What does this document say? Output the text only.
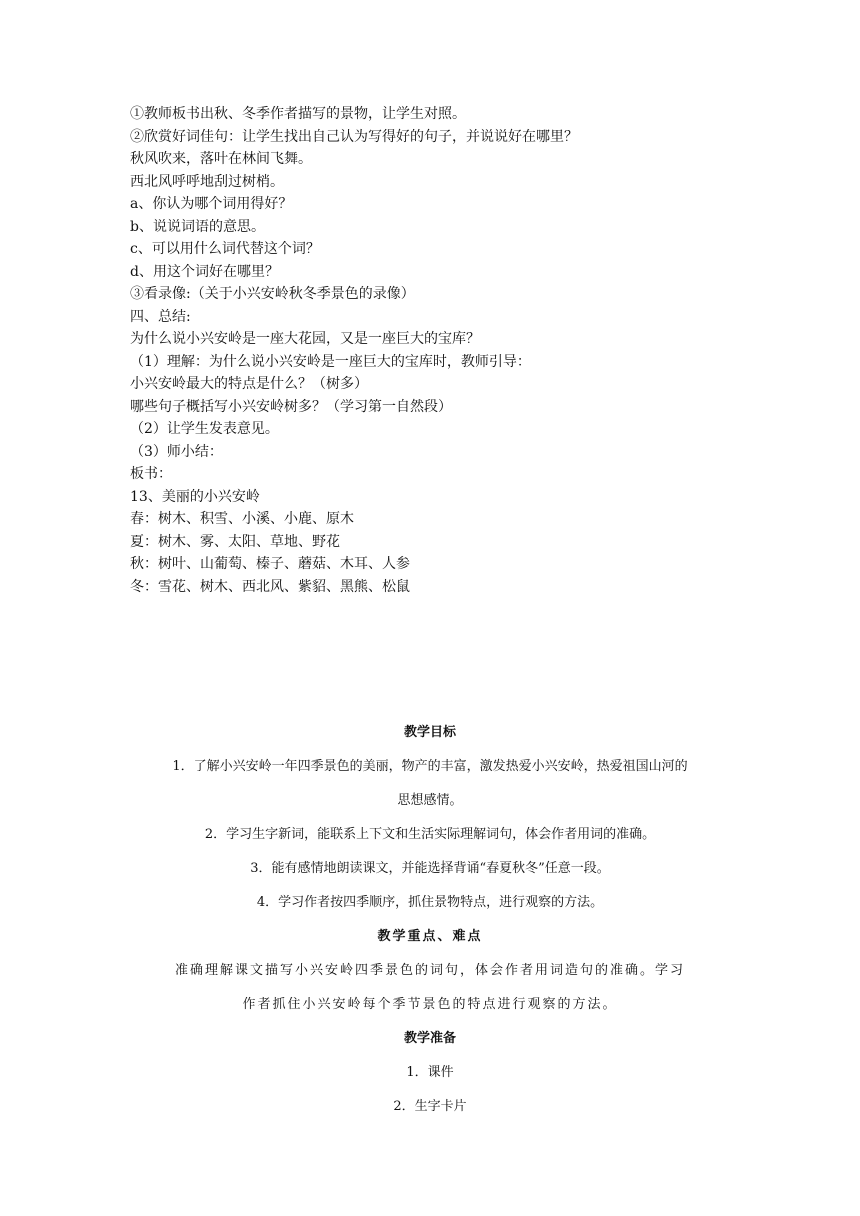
①教师板书出秋、冬季作者描写的景物，让学生对照。
②欣赏好词佳句：让学生找出自己认为写得好的句子，并说说好在哪里？
秋风吹来，落叶在林间飞舞。
西北风呼呼地刮过树梢。
a、你认为哪个词用得好？
b、说说词语的意思。
c、可以用什么词代替这个词？
d、用这个词好在哪里？
③看录像:（关于小兴安岭秋冬季景色的录像）
四、总结:
为什么说小兴安岭是一座大花园，又是一座巨大的宝库？
（1）理解：为什么说小兴安岭是一座巨大的宝库时，教师引导：
小兴安岭最大的特点是什么？（树多）
哪些句子概括写小兴安岭树多？（学习第一自然段）
（2）让学生发表意见。
（3）师小结：
板书：
13、美丽的小兴安岭
春：树木、积雪、小溪、小鹿、原木
夏：树木、雾、太阳、草地、野花
秋：树叶、山葡萄、榛子、蘑菇、木耳、人参
冬：雪花、树木、西北风、紫貂、黑熊、松鼠
教学目标
1．了解小兴安岭一年四季景色的美丽，物产的丰富，激发热爱小兴安岭，热爱祖国山河的
思想感情。
2．学习生字新词，能联系上下文和生活实际理解词句，体会作者用词的准确。
3．能有感情地朗读课文，并能选择背诵“春夏秋冬”任意一段。
4．学习作者按四季顺序，抓住景物特点，进行观察的方法。
教学重点、难点
准确理解课文描写小兴安岭四季景色的词句，体会作者用词造句的准确。学习
作者抓住小兴安岭每个季节景色的特点进行观察的方法。
教学准备
1．课件
2．生字卡片
